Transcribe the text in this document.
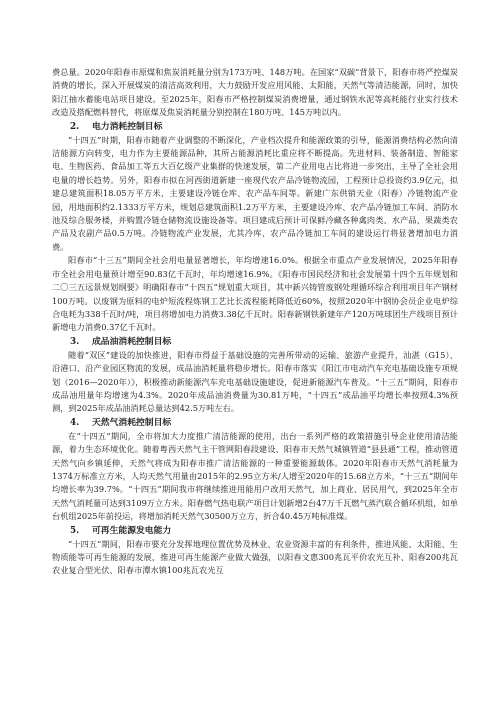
费总量。2020年阳春市原煤和焦炭消耗量分别为173万吨、148万吨。在国家“双碳”背景下，阳春市将严控煤炭消费的增长，深入开展煤炭的清洁高效利用，大力鼓励开发应用风能、太阳能，天然气等清洁能源，同时，加快阳江抽水蓄能电站项目建设。至2025年，阳春市严格控制煤炭消费增量，通过钢铁水泥等高耗能行业实行技术改造及搭配燃料替代，将原煤及焦炭消耗量分别控制在180万吨、145万吨以内。

2. 电力消耗控制目标

“十四五”时期，阳春市随着产业调整的不断深化，产业档次提升和能源政策的引导，能源消费结构必然向清洁能源方向转变，电力作为主要能源品种，其所占能源消耗比重应将不断提高。先进材料、装备制造、智能家电、生物医药、食品加工等五大百亿级产业集群的快速发展，第二产业用电占比将进一步突出，主导了全社会用电量的增长趋势。另外，阳春市拟在河西街道新建一座现代农产品冷链物流园，工程预计总投资约3.9亿元，拟建总建筑面积18.05万平方米，主要建设冷链仓库、农产品车间等。新建广东供销天业（阳春）冷链物流产业园，用地面积约2.1333万平方米，规划总建筑面积1.2万平方米，主要建设冷库、农产品冷链加工车间、消防水池及综合服务楼，并购置冷链仓储物流设施设备等。项目建成后预计可保鲜冷藏各种禽肉类、水产品、果蔬类农产品及农副产品0.5万吨。冷链物流产业发展，尤其冷库、农产品冷链加工车间的建设运行将显著增加电力消费。

阳春市“十三五”期间全社会用电量显著增长，年均增速16.0%。根据全市重点产业发展情况，2025年阳春市全社会用电量预计增至90.83亿千瓦时，年均增速16.9%。《阳春市国民经济和社会发展第十四个五年规划和二〇三五远景规划纲要》明确阳春市“十四五”规划重大项目，其中新兴铸管废钢处理循环综合利用项目年产钢材100万吨。以废钢为原料的电炉短流程炼钢工艺比长流程能耗降低近60%，按照2020年中钢协会员企业电炉综合电耗为338千瓦时/吨，项目将增加电力消费3.38亿千瓦时。阳春新钢铁新建年产120万吨球团生产线项目预计新增电力消费0.37亿千瓦时。

3. 成品油消耗控制目标

随着“双区”建设的加快推进，阳春市得益于基础设施的完善所带动的运输、旅游产业提升，汕湛（G15）、沿港口、沿产业园区物流的发展，成品油消耗量将稳步增长。阳春市落实《阳江市电动汽车充电基础设施专项规划（2016—2020年）》，积极推动新能源汽车充电基础设施建设，促进新能源汽车普及。“十三五”期间，阳春市成品油用量年均增速为4.3%。2020年成品油消费量为30.81万吨，“十四五”成品油平均增长率按照4.3%预测，到2025年成品油消耗总量达到42.5万吨左右。

4. 天然气消耗控制目标

在“十四五”期间，全市将加大力度推广清洁能源的使用，出台一系列严格的政策措施引导企业使用清洁能源，着力生态环境优化。随着粤西天然气主干管网阳春段建设、阳春市天然气城镇管道“县县通”工程，推动管道天然气向乡镇延伸，天然气将成为阳春市推广清洁能源的一种重要能源载体。2020年阳春市天然气消耗量为1374万标准立方米，人均天然气用量由2015年的2.95立方米/人增至2020年的15.68立方米，“十三五”期间年均增长率为39.7%。“十四五”期间我市将继续推进用能用户改用天然气，加上商业、居民用气，到2025年全市天然气消耗量可达到3109万立方米。阳春燃气热电联产项目计划新增2台47万千瓦燃气蒸汽联合循环机组，如单台机组2025年前投运，将增加消耗天然气30500万立方，折合40.45万吨标准煤。

5. 可再生能源发电能力

“十四五”期间，阳春市要充分发挥地理位置优势及林业、农业资源丰富的有利条件，推进风能、太阳能、生物质能等可再生能源的发展，推进可再生能源产业做大做强，以阳春文惠300兆瓦平价农光互补、阳春200兆瓦农业复合型光伏、阳春市潭水镇100兆瓦农光互
